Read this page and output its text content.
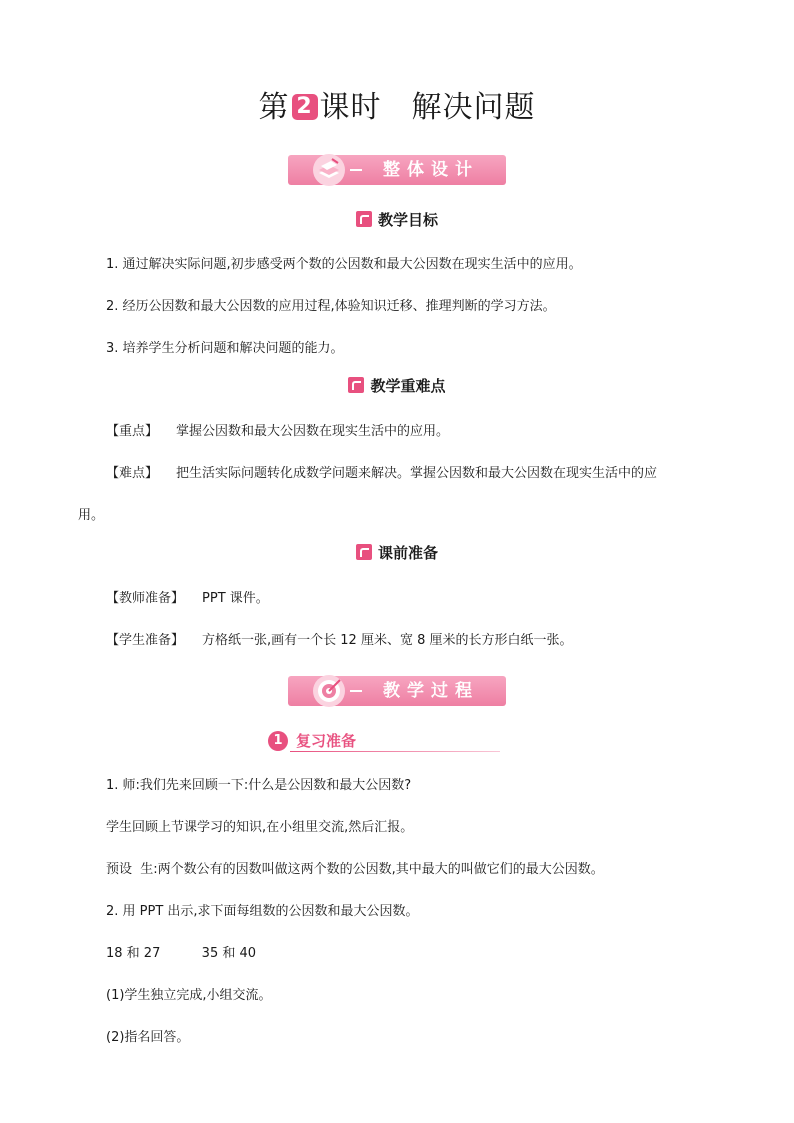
第 2 课时 解决问题
整体设计
教学目标
1. 通过解决实际问题,初步感受两个数的公因数和最大公因数在现实生活中的应用。
2. 经历公因数和最大公因数的应用过程,体验知识迁移、推理判断的学习方法。
3. 培养学生分析问题和解决问题的能力。
教学重难点
【重点】 掌握公因数和最大公因数在现实生活中的应用。
【难点】 把生活实际问题转化成数学问题来解决。掌握公因数和最大公因数在现实生活中的应
用。
课前准备
【教师准备】 PPT 课件。
【学生准备】 方格纸一张,画有一个长 12 厘米、宽 8 厘米的长方形白纸一张。
教学过程
1 复习准备
1. 师:我们先来回顾一下:什么是公因数和最大公因数?
学生回顾上节课学习的知识,在小组里交流,然后汇报。
预设  生:两个数公有的因数叫做这两个数的公因数,其中最大的叫做它们的最大公因数。
2. 用 PPT 出示,求下面每组数的公因数和最大公因数。
18 和 27          35 和 40
(1)学生独立完成,小组交流。
(2)指名回答。
